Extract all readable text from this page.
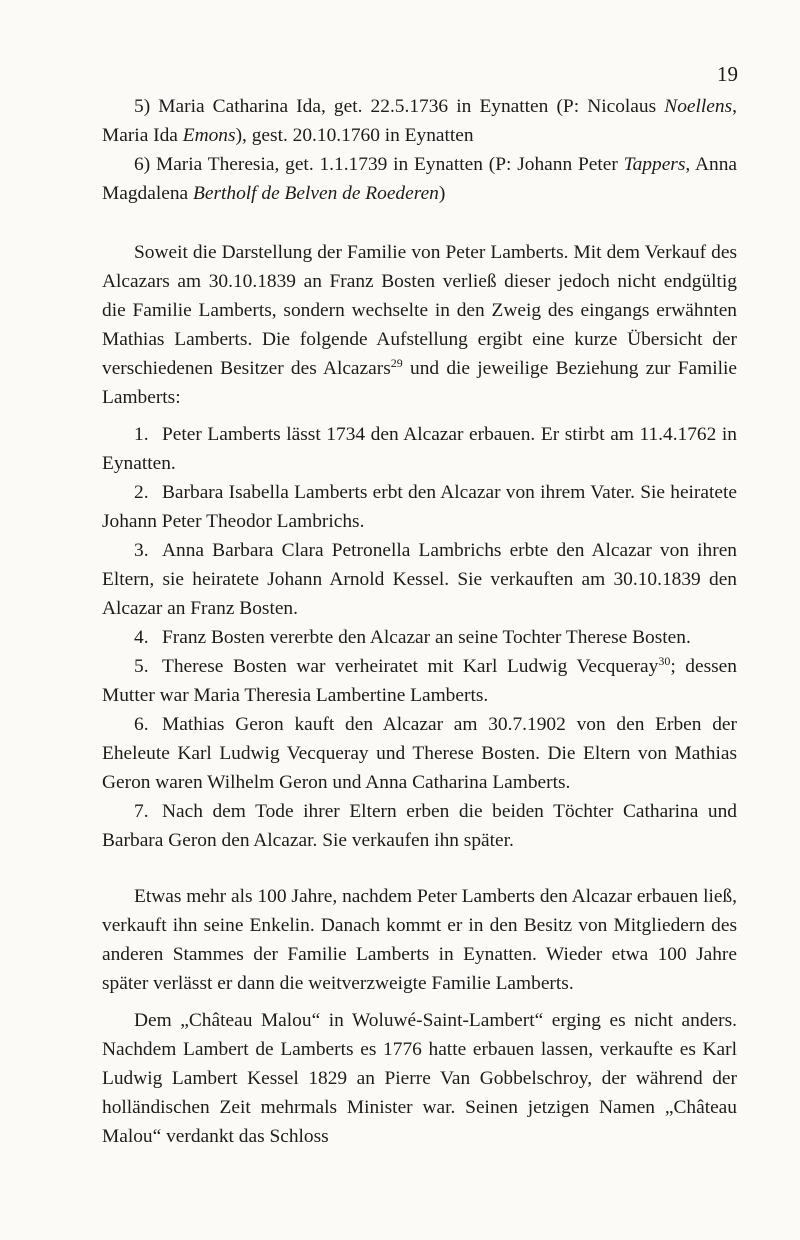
19

5) Maria Catharina Ida, get. 22.5.1736 in Eynatten (P: Nicolaus Noellens, Maria Ida Emons), gest. 20.10.1760 in Eynatten

6) Maria Theresia, get. 1.1.1739 in Eynatten (P: Johann Peter Tappers, Anna Magdalena Bertholf de Belven de Roederen)

Soweit die Darstellung der Familie von Peter Lamberts. Mit dem Verkauf des Alcazars am 30.10.1839 an Franz Bosten verließ dieser jedoch nicht endgültig die Familie Lamberts, sondern wechselte in den Zweig des eingangs erwähnten Mathias Lamberts. Die folgende Aufstellung ergibt eine kurze Übersicht der verschiedenen Besitzer des Alcazars$^{29}$ und die jeweilige Beziehung zur Familie Lamberts:

1. Peter Lamberts lässt 1734 den Alcazar erbauen. Er stirbt am 11.4.1762 in Eynatten.

2. Barbara Isabella Lamberts erbt den Alcazar von ihrem Vater. Sie heiratete Johann Peter Theodor Lambrichs.

3. Anna Barbara Clara Petronella Lambrichs erbte den Alcazar von ihren Eltern, sie heiratete Johann Arnold Kessel. Sie verkauften am 30.10.1839 den Alcazar an Franz Bosten.

4. Franz Bosten vererbte den Alcazar an seine Tochter Therese Bosten.

5. Therese Bosten war verheiratet mit Karl Ludwig Vecqueray$^{30}$; dessen Mutter war Maria Theresia Lambertine Lamberts.

6. Mathias Geron kauft den Alcazar am 30.7.1902 von den Erben der Eheleute Karl Ludwig Vecqueray und Therese Bosten. Die Eltern von Mathias Geron waren Wilhelm Geron und Anna Catharina Lamberts.

7. Nach dem Tode ihrer Eltern erben die beiden Töchter Catharina und Barbara Geron den Alcazar. Sie verkaufen ihn später.

Etwas mehr als 100 Jahre, nachdem Peter Lamberts den Alcazar erbauen ließ, verkauft ihn seine Enkelin. Danach kommt er in den Besitz von Mitgliedern des anderen Stammes der Familie Lamberts in Eynatten. Wieder etwa 100 Jahre später verlässt er dann die weitverzweigte Familie Lamberts.

Dem „Château Malou“ in Woluwé-Saint-Lambert“ erging es nicht anders. Nachdem Lambert de Lamberts es 1776 hatte erbauen lassen, verkaufte es Karl Ludwig Lambert Kessel 1829 an Pierre Van Gobbelschroy, der während der holländischen Zeit mehrmals Minister war. Seinen jetzigen Namen „Château Malou“ verdankt das Schloss
